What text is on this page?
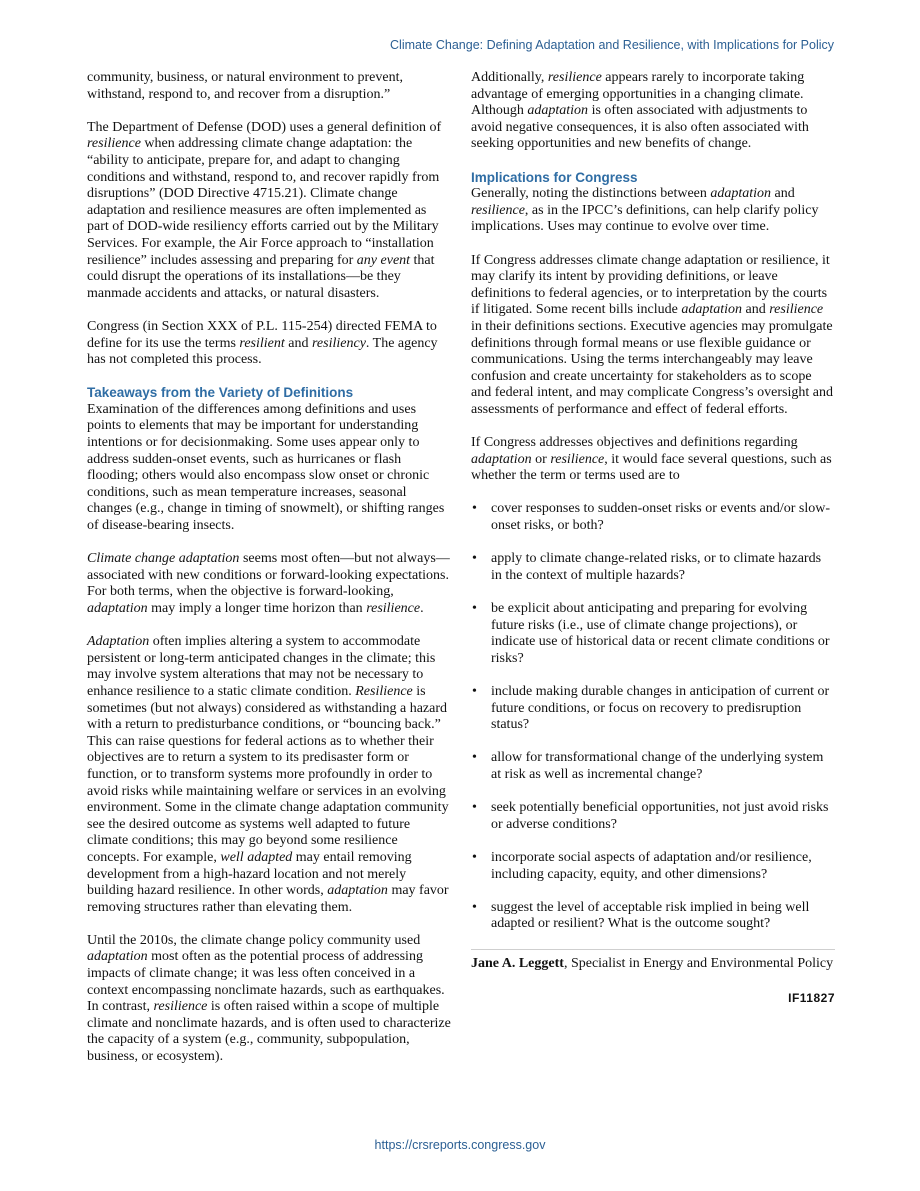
Climate Change: Defining Adaptation and Resilience, with Implications for Policy

community, business, or natural environment to prevent, withstand, respond to, and recover from a disruption.”

The Department of Defense (DOD) uses a general definition of resilience when addressing climate change adaptation: the “ability to anticipate, prepare for, and adapt to changing conditions and withstand, respond to, and recover rapidly from disruptions” (DOD Directive 4715.21). Climate change adaptation and resilience measures are often implemented as part of DOD-wide resiliency efforts carried out by the Military Services. For example, the Air Force approach to “installation resilience” includes assessing and preparing for any event that could disrupt the operations of its installations—be they manmade accidents and attacks, or natural disasters.

Congress (in Section XXX of P.L. 115-254) directed FEMA to define for its use the terms resilient and resiliency. The agency has not completed this process.

Takeaways from the Variety of Definitions

Examination of the differences among definitions and uses points to elements that may be important for understanding intentions or for decisionmaking. Some uses appear only to address sudden-onset events, such as hurricanes or flash flooding; others would also encompass slow onset or chronic conditions, such as mean temperature increases, seasonal changes (e.g., change in timing of snowmelt), or shifting ranges of disease-bearing insects.

Climate change adaptation seems most often—but not always—associated with new conditions or forward-looking expectations. For both terms, when the objective is forward-looking, adaptation may imply a longer time horizon than resilience.

Adaptation often implies altering a system to accommodate persistent or long-term anticipated changes in the climate; this may involve system alterations that may not be necessary to enhance resilience to a static climate condition. Resilience is sometimes (but not always) considered as withstanding a hazard with a return to predisturbance conditions, or “bouncing back.” This can raise questions for federal actions as to whether their objectives are to return a system to its predisaster form or function, or to transform systems more profoundly in order to avoid risks while maintaining welfare or services in an evolving environment. Some in the climate change adaptation community see the desired outcome as systems well adapted to future climate conditions; this may go beyond some resilience concepts. For example, well adapted may entail removing development from a high-hazard location and not merely building hazard resilience. In other words, adaptation may favor removing structures rather than elevating them.

Until the 2010s, the climate change policy community used adaptation most often as the potential process of addressing impacts of climate change; it was less often conceived in a context encompassing nonclimate hazards, such as earthquakes. In contrast, resilience is often raised within a scope of multiple climate and nonclimate hazards, and is often used to characterize the capacity of a system (e.g., community, subpopulation, business, or ecosystem).

Additionally, resilience appears rarely to incorporate taking advantage of emerging opportunities in a changing climate. Although adaptation is often associated with adjustments to avoid negative consequences, it is also often associated with seeking opportunities and new benefits of change.

Implications for Congress

Generally, noting the distinctions between adaptation and resilience, as in the IPCC’s definitions, can help clarify policy implications. Uses may continue to evolve over time.

If Congress addresses climate change adaptation or resilience, it may clarify its intent by providing definitions, or leave definitions to federal agencies, or to interpretation by the courts if litigated. Some recent bills include adaptation and resilience in their definitions sections. Executive agencies may promulgate definitions through formal means or use flexible guidance or communications. Using the terms interchangeably may leave confusion and create uncertainty for stakeholders as to scope and federal intent, and may complicate Congress’s oversight and assessments of performance and effect of federal efforts.

If Congress addresses objectives and definitions regarding adaptation or resilience, it would face several questions, such as whether the term or terms used are to

• cover responses to sudden-onset risks or events and/or slow-onset risks, or both?
• apply to climate change-related risks, or to climate hazards in the context of multiple hazards?
• be explicit about anticipating and preparing for evolving future risks (i.e., use of climate change projections), or indicate use of historical data or recent climate conditions or risks?
• include making durable changes in anticipation of current or future conditions, or focus on recovery to predisruption status?
• allow for transformational change of the underlying system at risk as well as incremental change?
• seek potentially beneficial opportunities, not just avoid risks or adverse conditions?
• incorporate social aspects of adaptation and/or resilience, including capacity, equity, and other dimensions?
• suggest the level of acceptable risk implied in being well adapted or resilient? What is the outcome sought?

Jane A. Leggett, Specialist in Energy and Environmental Policy

IF11827
https://crsreports.congress.gov
